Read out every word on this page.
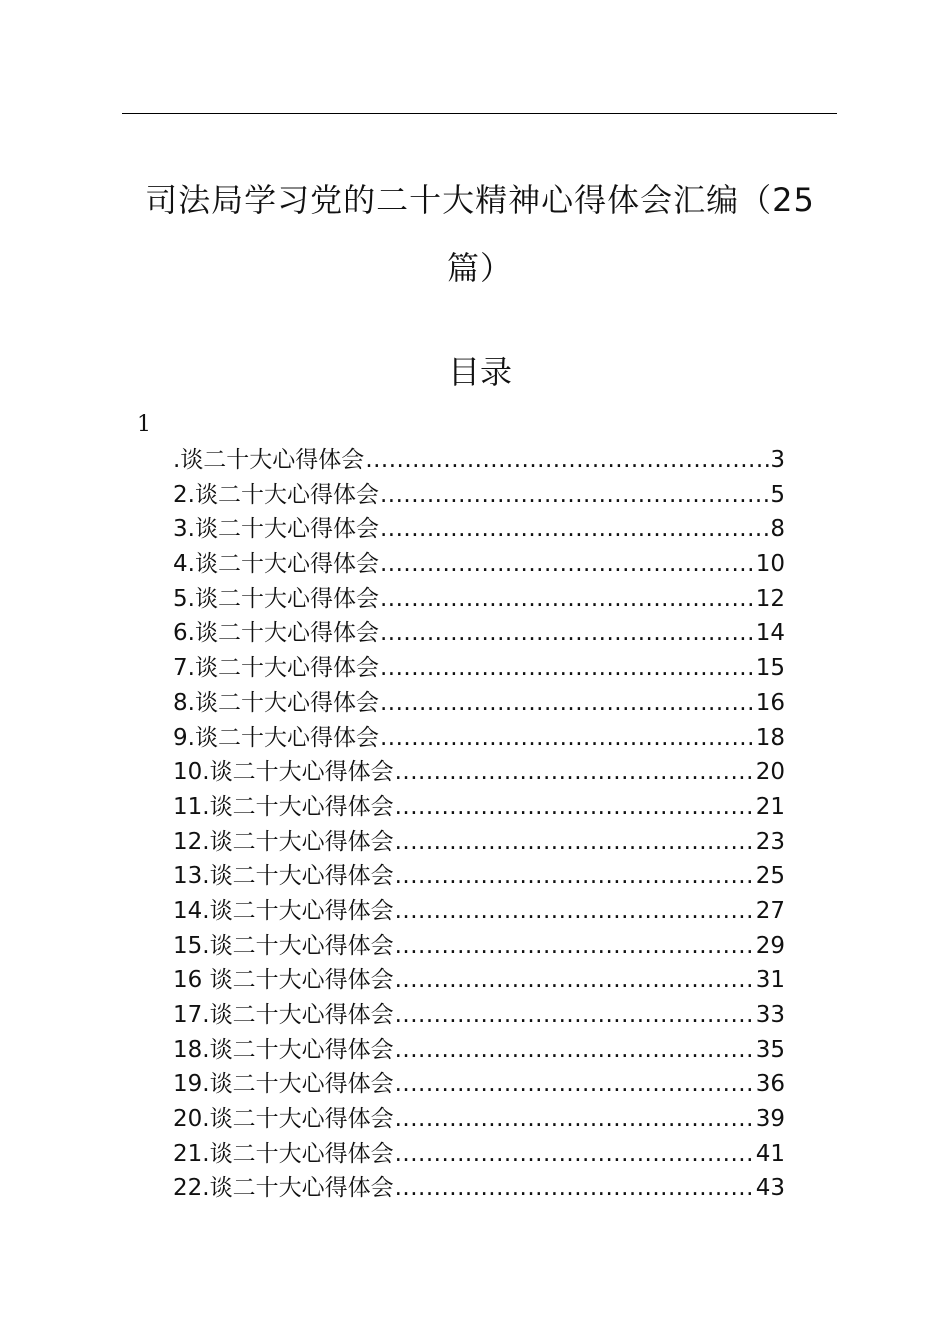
司法局学习党的二十大精神心得体会汇编（25
篇）
目录
1
.谈二十大心得体会 .....	3
2.谈二十大心得体会 .....	5
3.谈二十大心得体会 .....	8
4.谈二十大心得体会 .....	10
5.谈二十大心得体会 .....	12
6.谈二十大心得体会 .....	14
7.谈二十大心得体会 .....	15
8.谈二十大心得体会 .....	16
9.谈二十大心得体会 .....	18
10.谈二十大心得体会 .....	20
11.谈二十大心得体会 .....	21
12.谈二十大心得体会 .....	23
13.谈二十大心得体会 .....	25
14.谈二十大心得体会 .....	27
15.谈二十大心得体会 .....	29
16 谈二十大心得体会 .....	31
17.谈二十大心得体会 .....	33
18.谈二十大心得体会 .....	35
19.谈二十大心得体会 .....	36
20.谈二十大心得体会 .....	39
21.谈二十大心得体会 .....	41
22.谈二十大心得体会 .....	43
